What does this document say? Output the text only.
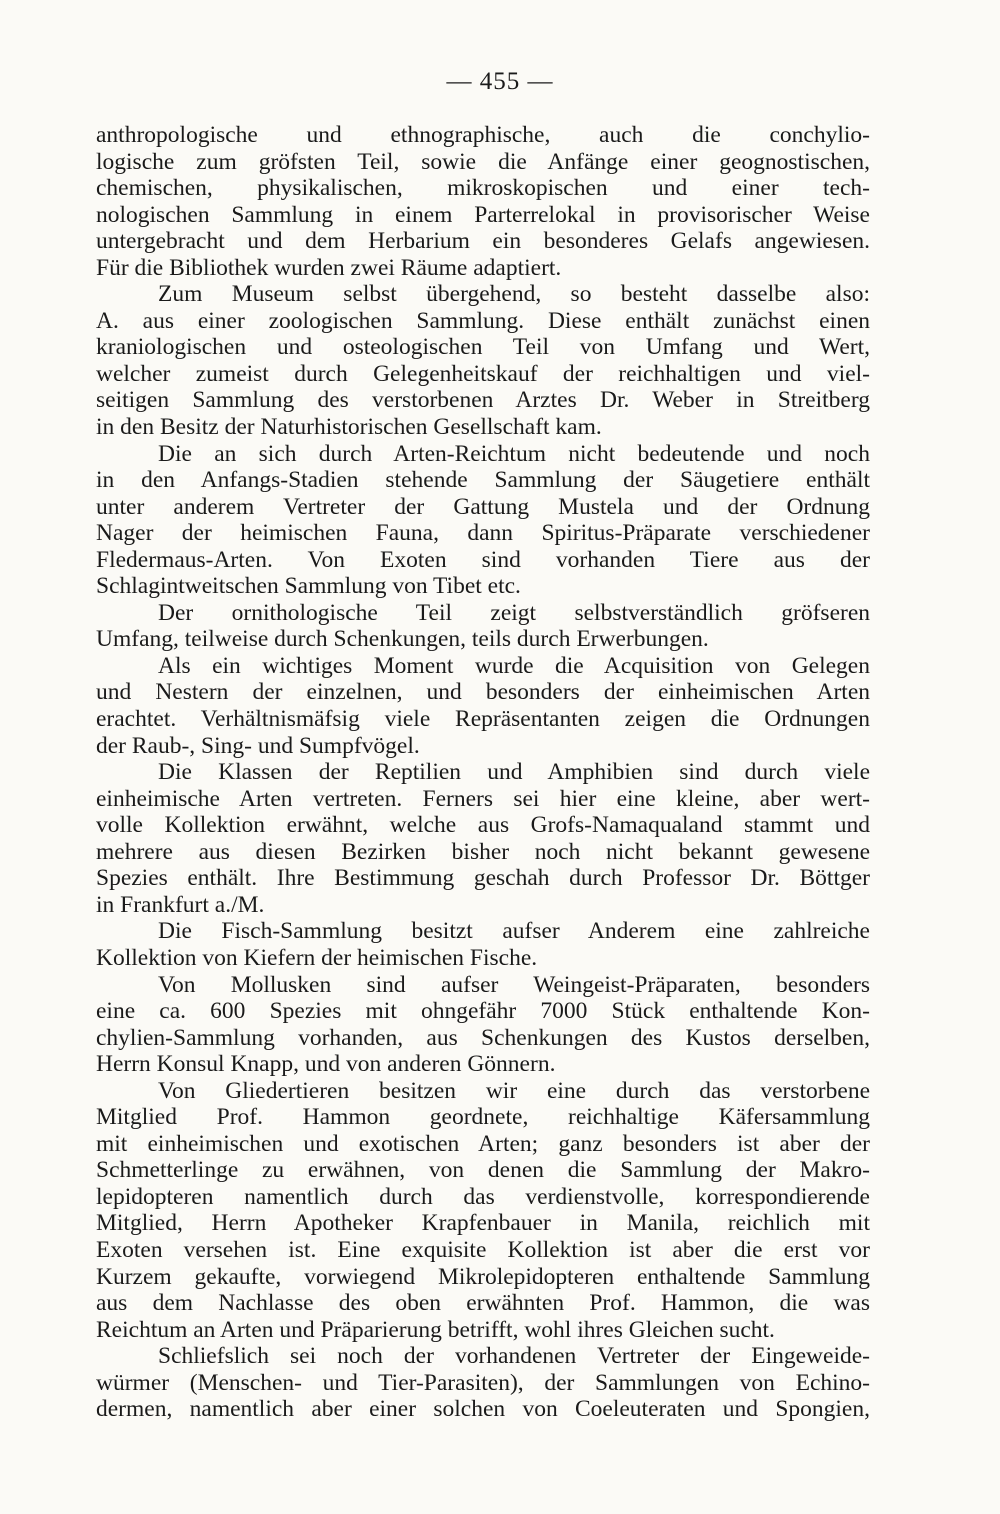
— 455 —
anthropologische und ethnographische, auch die conchylio-
logische zum gröfsten Teil, sowie die Anfänge einer geognostischen,
chemischen, physikalischen, mikroskopischen und einer tech-
nologischen Sammlung in einem Parterrelokal in provisorischer Weise
untergebracht und dem Herbarium ein besonderes Gelafs angewiesen.
Für die Bibliothek wurden zwei Räume adaptiert.
Zum Museum selbst übergehend, so besteht dasselbe also:
A. aus einer zoologischen Sammlung. Diese enthält zunächst einen
kraniologischen und osteologischen Teil von Umfang und Wert,
welcher zumeist durch Gelegenheitskauf der reichhaltigen und viel-
seitigen Sammlung des verstorbenen Arztes Dr. Weber in Streitberg
in den Besitz der Naturhistorischen Gesellschaft kam.
Die an sich durch Arten-Reichtum nicht bedeutende und noch
in den Anfangs-Stadien stehende Sammlung der Säugetiere enthält
unter anderem Vertreter der Gattung Mustela und der Ordnung
Nager der heimischen Fauna, dann Spiritus-Präparate verschiedener
Fledermaus-Arten. Von Exoten sind vorhanden Tiere aus der
Schlagintweitschen Sammlung von Tibet etc.
Der ornithologische Teil zeigt selbstverständlich gröfseren
Umfang, teilweise durch Schenkungen, teils durch Erwerbungen.
Als ein wichtiges Moment wurde die Acquisition von Gelegen
und Nestern der einzelnen, und besonders der einheimischen Arten
erachtet. Verhältnismäfsig viele Repräsentanten zeigen die Ordnungen
der Raub-, Sing- und Sumpfvögel.
Die Klassen der Reptilien und Amphibien sind durch viele
einheimische Arten vertreten. Ferners sei hier eine kleine, aber wert-
volle Kollektion erwähnt, welche aus Grofs-Namaqualand stammt und
mehrere aus diesen Bezirken bisher noch nicht bekannt gewesene
Spezies enthält. Ihre Bestimmung geschah durch Professor Dr. Böttger
in Frankfurt a./M.
Die Fisch-Sammlung besitzt aufser Anderem eine zahlreiche
Kollektion von Kiefern der heimischen Fische.
Von Mollusken sind aufser Weingeist-Präparaten, besonders
eine ca. 600 Spezies mit ohngefähr 7000 Stück enthaltende Kon-
chylien-Sammlung vorhanden, aus Schenkungen des Kustos derselben,
Herrn Konsul Knapp, und von anderen Gönnern.
Von Gliedertieren besitzen wir eine durch das verstorbene
Mitglied Prof. Hammon geordnete, reichhaltige Käfersammlung
mit einheimischen und exotischen Arten; ganz besonders ist aber der
Schmetterlinge zu erwähnen, von denen die Sammlung der Makro-
lepidopteren namentlich durch das verdienstvolle, korrespondierende
Mitglied, Herrn Apotheker Krapfenbauer in Manila, reichlich mit
Exoten versehen ist. Eine exquisite Kollektion ist aber die erst vor
Kurzem gekaufte, vorwiegend Mikrolepidopteren enthaltende Sammlung
aus dem Nachlasse des oben erwähnten Prof. Hammon, die was
Reichtum an Arten und Präparierung betrifft, wohl ihres Gleichen sucht.
Schliefslich sei noch der vorhandenen Vertreter der Eingeweide-
würmer (Menschen- und Tier-Parasiten), der Sammlungen von Echino-
dermen, namentlich aber einer solchen von Coeleuteraten und Spongien,
